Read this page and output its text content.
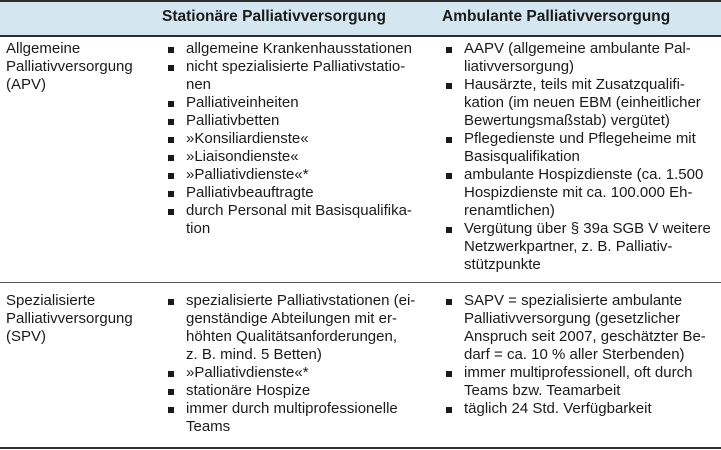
Stationäre Palliativversorgung	Ambulante Palliativversorgung
Allgemeine
Palliativversorgung
(APV)
allgemeine Krankenhausstationen
nicht spezialisierte Palliativstatio-
nen
Palliativeinheiten
Palliativbetten
»Konsiliardienste«
»Liaisondienste«
»Palliativdienste«*
Palliativbeauftragte
durch Personal mit Basisqualifika-
tion
AAPV (allgemeine ambulante Pal-
liativversorgung)
Hausärzte, teils mit Zusatzqualifi-
kation (im neuen EBM (einheitlicher
Bewertungsmaßstab) vergütet)
Pflegedienste und Pflegeheime mit
Basisqualifikation
ambulante Hospizdienste (ca. 1.500
Hospizdienste mit ca. 100.000 Eh-
renamtlichen)
Vergütung über § 39a SGB V weitere
Netzwerkpartner, z. B. Palliativ-
stützpunkte
Spezialisierte
Palliativversorgung
(SPV)
spezialisierte Palliativstationen (ei-
genständige Abteilungen mit er-
höhten Qualitätsanforderungen,
z. B. mind. 5 Betten)
»Palliativdienste«*
stationäre Hospize
immer durch multiprofessionelle
Teams
SAPV = spezialisierte ambulante
Palliativversorgung (gesetzlicher
Anspruch seit 2007, geschätzter Be-
darf = ca. 10 % aller Sterbenden)
immer multiprofessionell, oft durch
Teams bzw. Teamarbeit
täglich 24 Std. Verfügbarkeit
